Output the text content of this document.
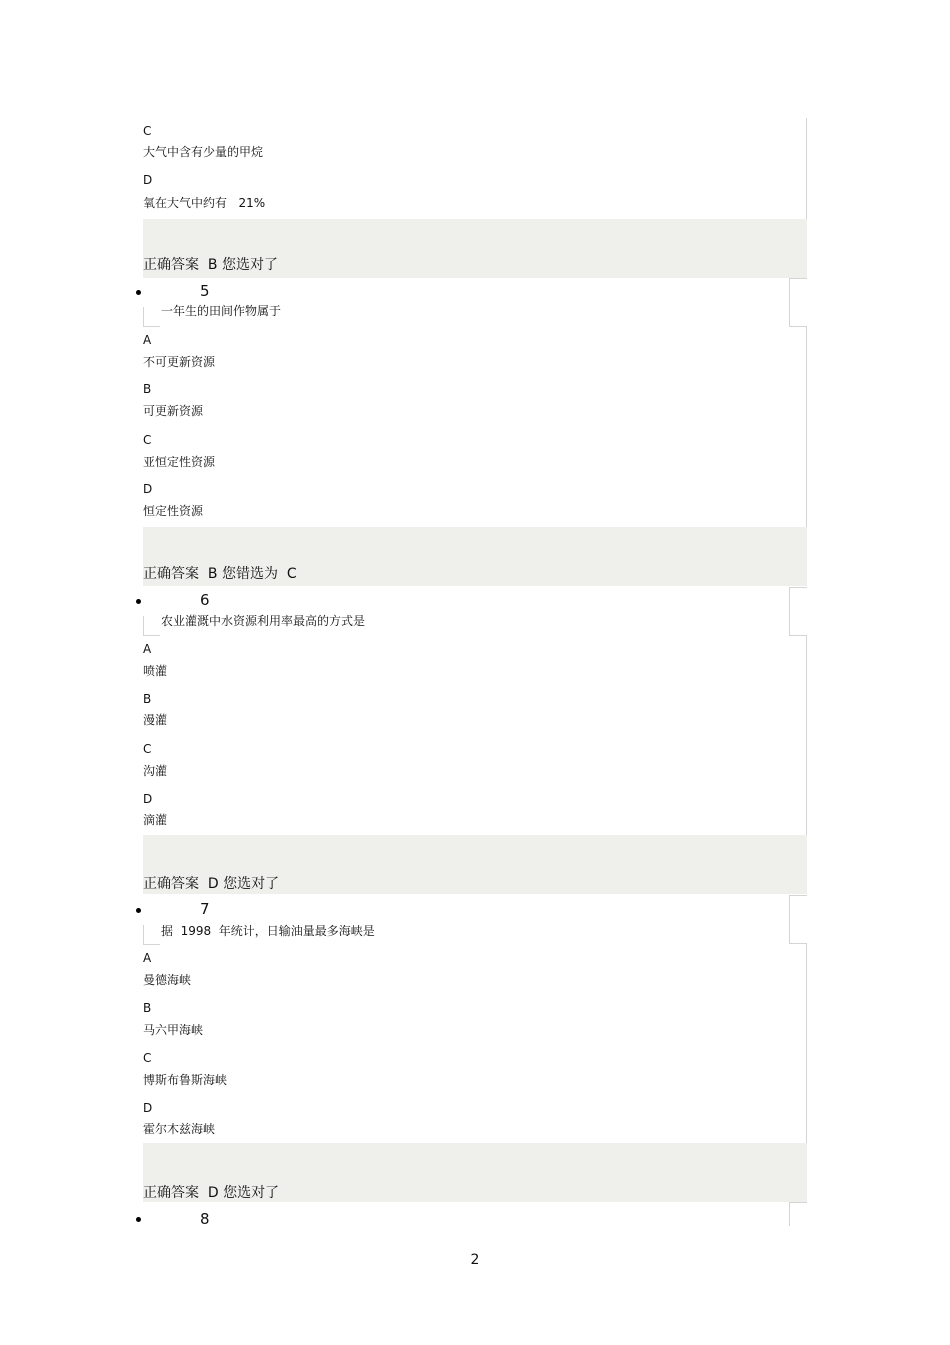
C
大气中含有少量的甲烷
D
氧在大气中约有   21%
正确答案  B 您选对了
5
一年生的田间作物属于
A
不可更新资源
B
可更新资源
C
亚恒定性资源
D
恒定性资源
正确答案  B 您错选为  C
6
农业灌溉中水资源利用率最高的方式是
A
喷灌
B
漫灌
C
沟灌
D
滴灌
正确答案  D 您选对了
7
据  1998  年统计，日输油量最多海峡是
A
曼德海峡
B
马六甲海峡
C
博斯布鲁斯海峡
D
霍尔木兹海峡
正确答案  D 您选对了
8
2
